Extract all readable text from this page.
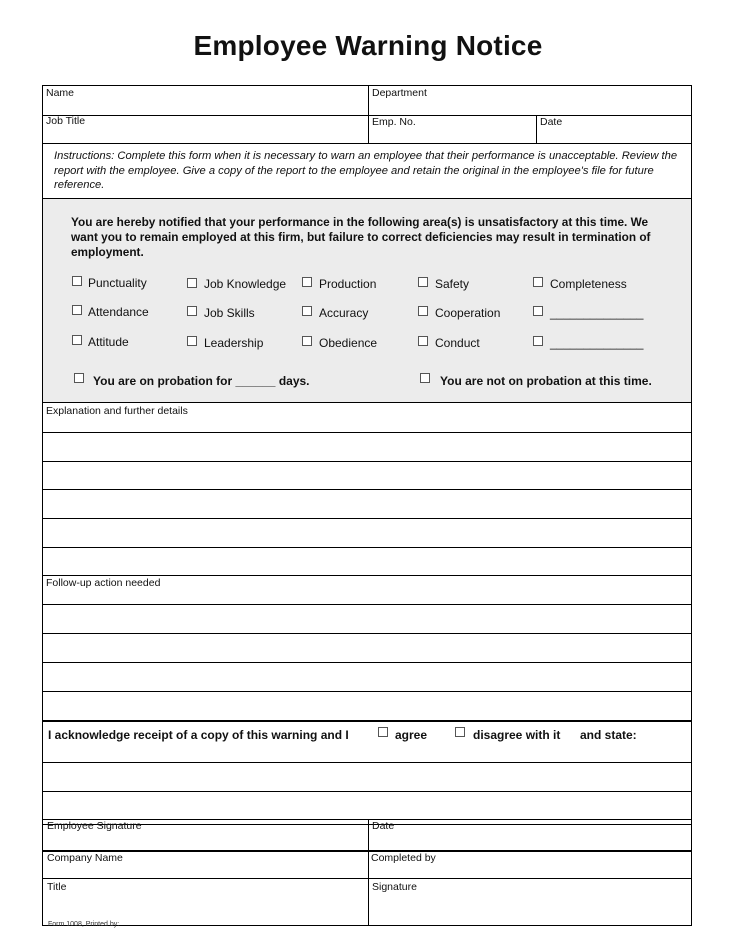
Employee Warning Notice
Name	Department
Job Title	Emp. No.	Date
Instructions: Complete this form when it is necessary to warn an employee that their performance is unacceptable. Review the report with the employee. Give a copy of the report to the employee and retain the original in the employee's file for future reference.
You are hereby notified that your performance in the following area(s) is unsatisfactory at this time. We want you to remain employed at this firm, but failure to correct deficiencies may result in termination of employment.
Punctuality	Job Knowledge	Production	Safety	Completeness
Attendance	Job Skills	Accuracy	Cooperation	______________
Attitude	Leadership	Obedience	Conduct	______________
You are on probation for ______ days.	You are not on probation at this time.
Explanation and further details
Follow-up action needed
I acknowledge receipt of a copy of this warning and I	agree	disagree with it and state:
Employee Signature	Date
Company Name	Completed by
Title	Signature
Form 1008, Printed by:
